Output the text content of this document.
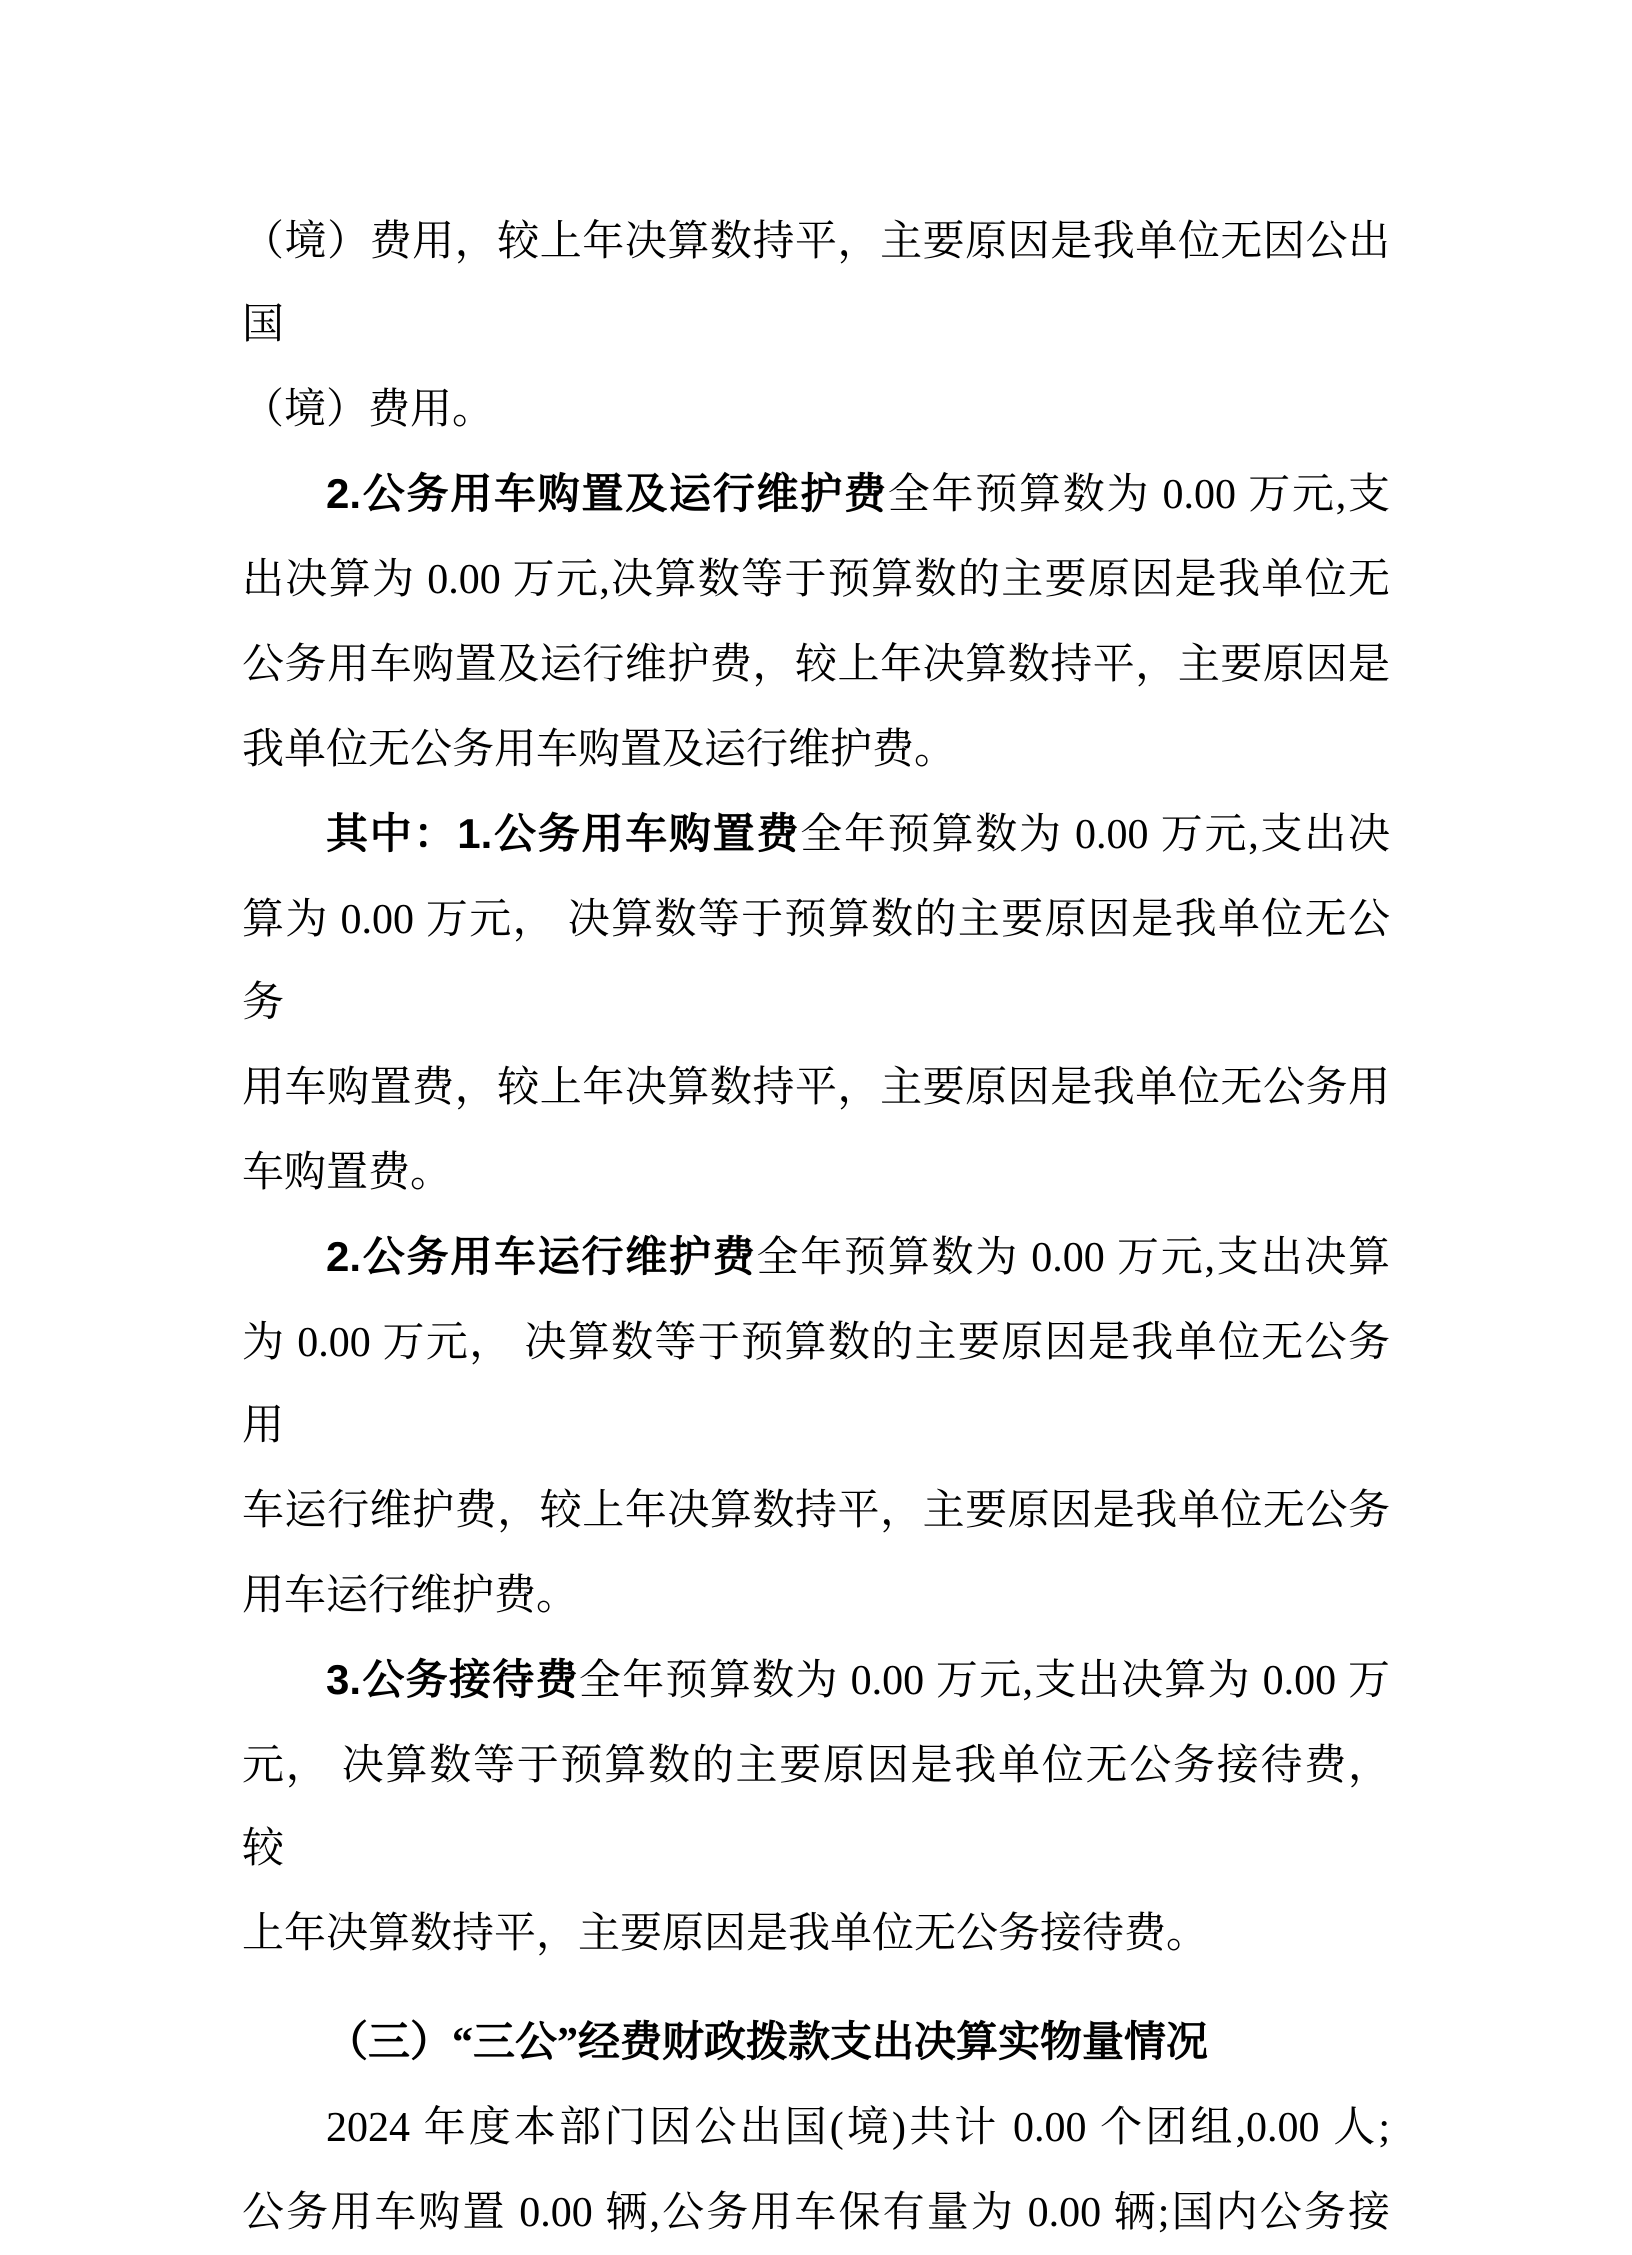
（境）费用，较上年决算数持平，主要原因是我单位无因公出国
（境）费用。
2.公务用车购置及运行维护费全年预算数为 0.00 万元,支
出决算为 0.00 万元,决算数等于预算数的主要原因是我单位无
公务用车购置及运行维护费，较上年决算数持平，主要原因是
我单位无公务用车购置及运行维护费。
其中：1.公务用车购置费全年预算数为 0.00 万元,支出决
算为 0.00 万元， 决算数等于预算数的主要原因是我单位无公务
用车购置费，较上年决算数持平，主要原因是我单位无公务用
车购置费。
2.公务用车运行维护费全年预算数为 0.00 万元,支出决算
为 0.00 万元， 决算数等于预算数的主要原因是我单位无公务用
车运行维护费，较上年决算数持平，主要原因是我单位无公务
用车运行维护费。
3.公务接待费全年预算数为 0.00 万元,支出决算为 0.00 万
元， 决算数等于预算数的主要原因是我单位无公务接待费， 较
上年决算数持平，主要原因是我单位无公务接待费。
（三）“三公”经费财政拨款支出决算实物量情况
2024 年度本部门因公出国(境)共计 0.00 个团组,0.00 人;
公务用车购置 0.00 辆,公务用车保有量为 0.00 辆;国内公务接
